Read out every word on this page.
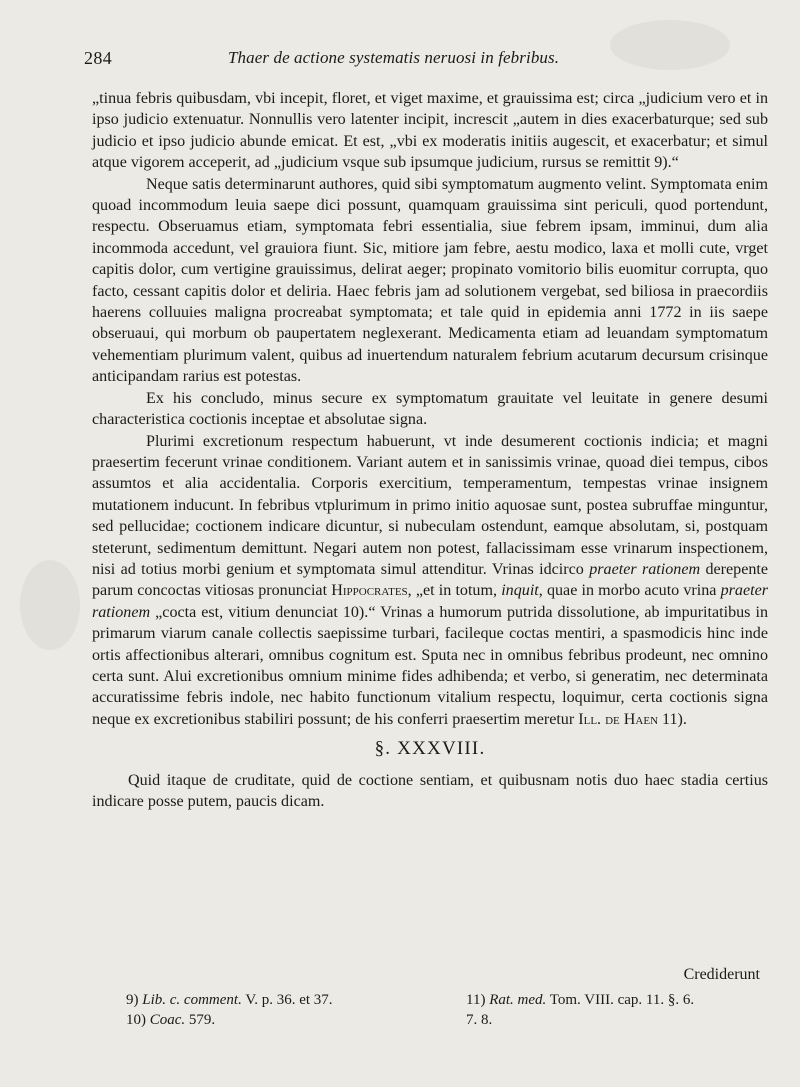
284	Thaer de actione systematis neruosi in febribus.

„tinua febris quibusdam, vbi incepit, floret, et viget maxime, et grauissima est; circa „judicium vero et in ipso judicio extenuatur. Nonnullis vero latenter incipit, increscit „autem in dies exacerbaturque; sed sub judicio et ipso judicio abunde emicat. Et est, „vbi ex moderatis initiis augescit, et exacerbatur; et simul atque vigorem acceperit, ad „judicium vsque sub ipsumque judicium, rursus se remittit 9).“

Neque satis determinarunt authores, quid sibi symptomatum augmento velint. Symptomata enim quoad incommodum leuia saepe dici possunt, quamquam grauissima sint periculi, quod portendunt, respectu. Obseruamus etiam, symptomata febri essentialia, siue febrem ipsam, imminui, dum alia incommoda accedunt, vel grauiora fiunt. Sic, mitiore jam febre, aestu modico, laxa et molli cute, vrget capitis dolor, cum vertigine grauissimus, delirat aeger; propinato vomitorio bilis euomitur corrupta, quo facto, cessant capitis dolor et deliria. Haec febris jam ad solutionem vergebat, sed biliosa in praecordiis haerens colluuies maligna procreabat symptomata; et tale quid in epidemia anni 1772 in iis saepe obseruaui, qui morbum ob paupertatem neglexerant. Medicamenta etiam ad leuandam symptomatum vehementiam plurimum valent, quibus ad inuertendum naturalem febrium acutarum decursum crisinque anticipandam rarius est potestas.

Ex his concludo, minus secure ex symptomatum grauitate vel leuitate in genere desumi characteristica coctionis inceptae et absolutae signa.

Plurimi excretionum respectum habuerunt, vt inde desumerent coctionis indicia; et magni praesertim fecerunt vrinae conditionem. Variant autem et in sanissimis vrinae, quoad diei tempus, cibos assumtos et alia accidentalia. Corporis exercitium, temperamentum, tempestas vrinae insignem mutationem inducunt. In febribus vtplurimum in primo initio aquosae sunt, postea subruffae minguntur, sed pellucidae; coctionem indicare dicuntur, si nubeculam ostendunt, eamque absolutam, si, postquam steterunt, sedimentum demittunt. Negari autem non potest, fallacissimam esse vrinarum inspectionem, nisi ad totius morbi genium et symptomata simul attenditur. Vrinas idcirco praeter rationem derepente parum concoctas vitiosas pronunciat Hippocrates, „et in totum, inquit, quae in morbo acuto vrina praeter rationem „cocta est, vitium denunciat 10).“ Vrinas a humorum putrida dissolutione, ab impuritatibus in primarum viarum canale collectis saepissime turbari, facileque coctas mentiri, a spasmodicis hinc inde ortis affectionibus alterari, omnibus cognitum est. Sputa nec in omnibus febribus prodeunt, nec omnino certa sunt. Alui excretionibus omnium minime fides adhibenda; et verbo, si generatim, nec determinata accuratissime febris indole, nec habito functionum vitalium respectu, loquimur, certa coctionis signa neque ex excretionibus stabiliri possunt; de his conferri praesertim meretur Ill. de Haen 11).

§. XXXVIII.

Quid itaque de cruditate, quid de coctione sentiam, et quibusnam notis duo haec stadia certius indicare posse putem, paucis dicam.

Crediderunt
9) Lib. c. comment. V. p. 36. et 37.
10) Coac. 579.
11) Rat. med. Tom. VIII. cap. 11. §. 6.
7. 8.
